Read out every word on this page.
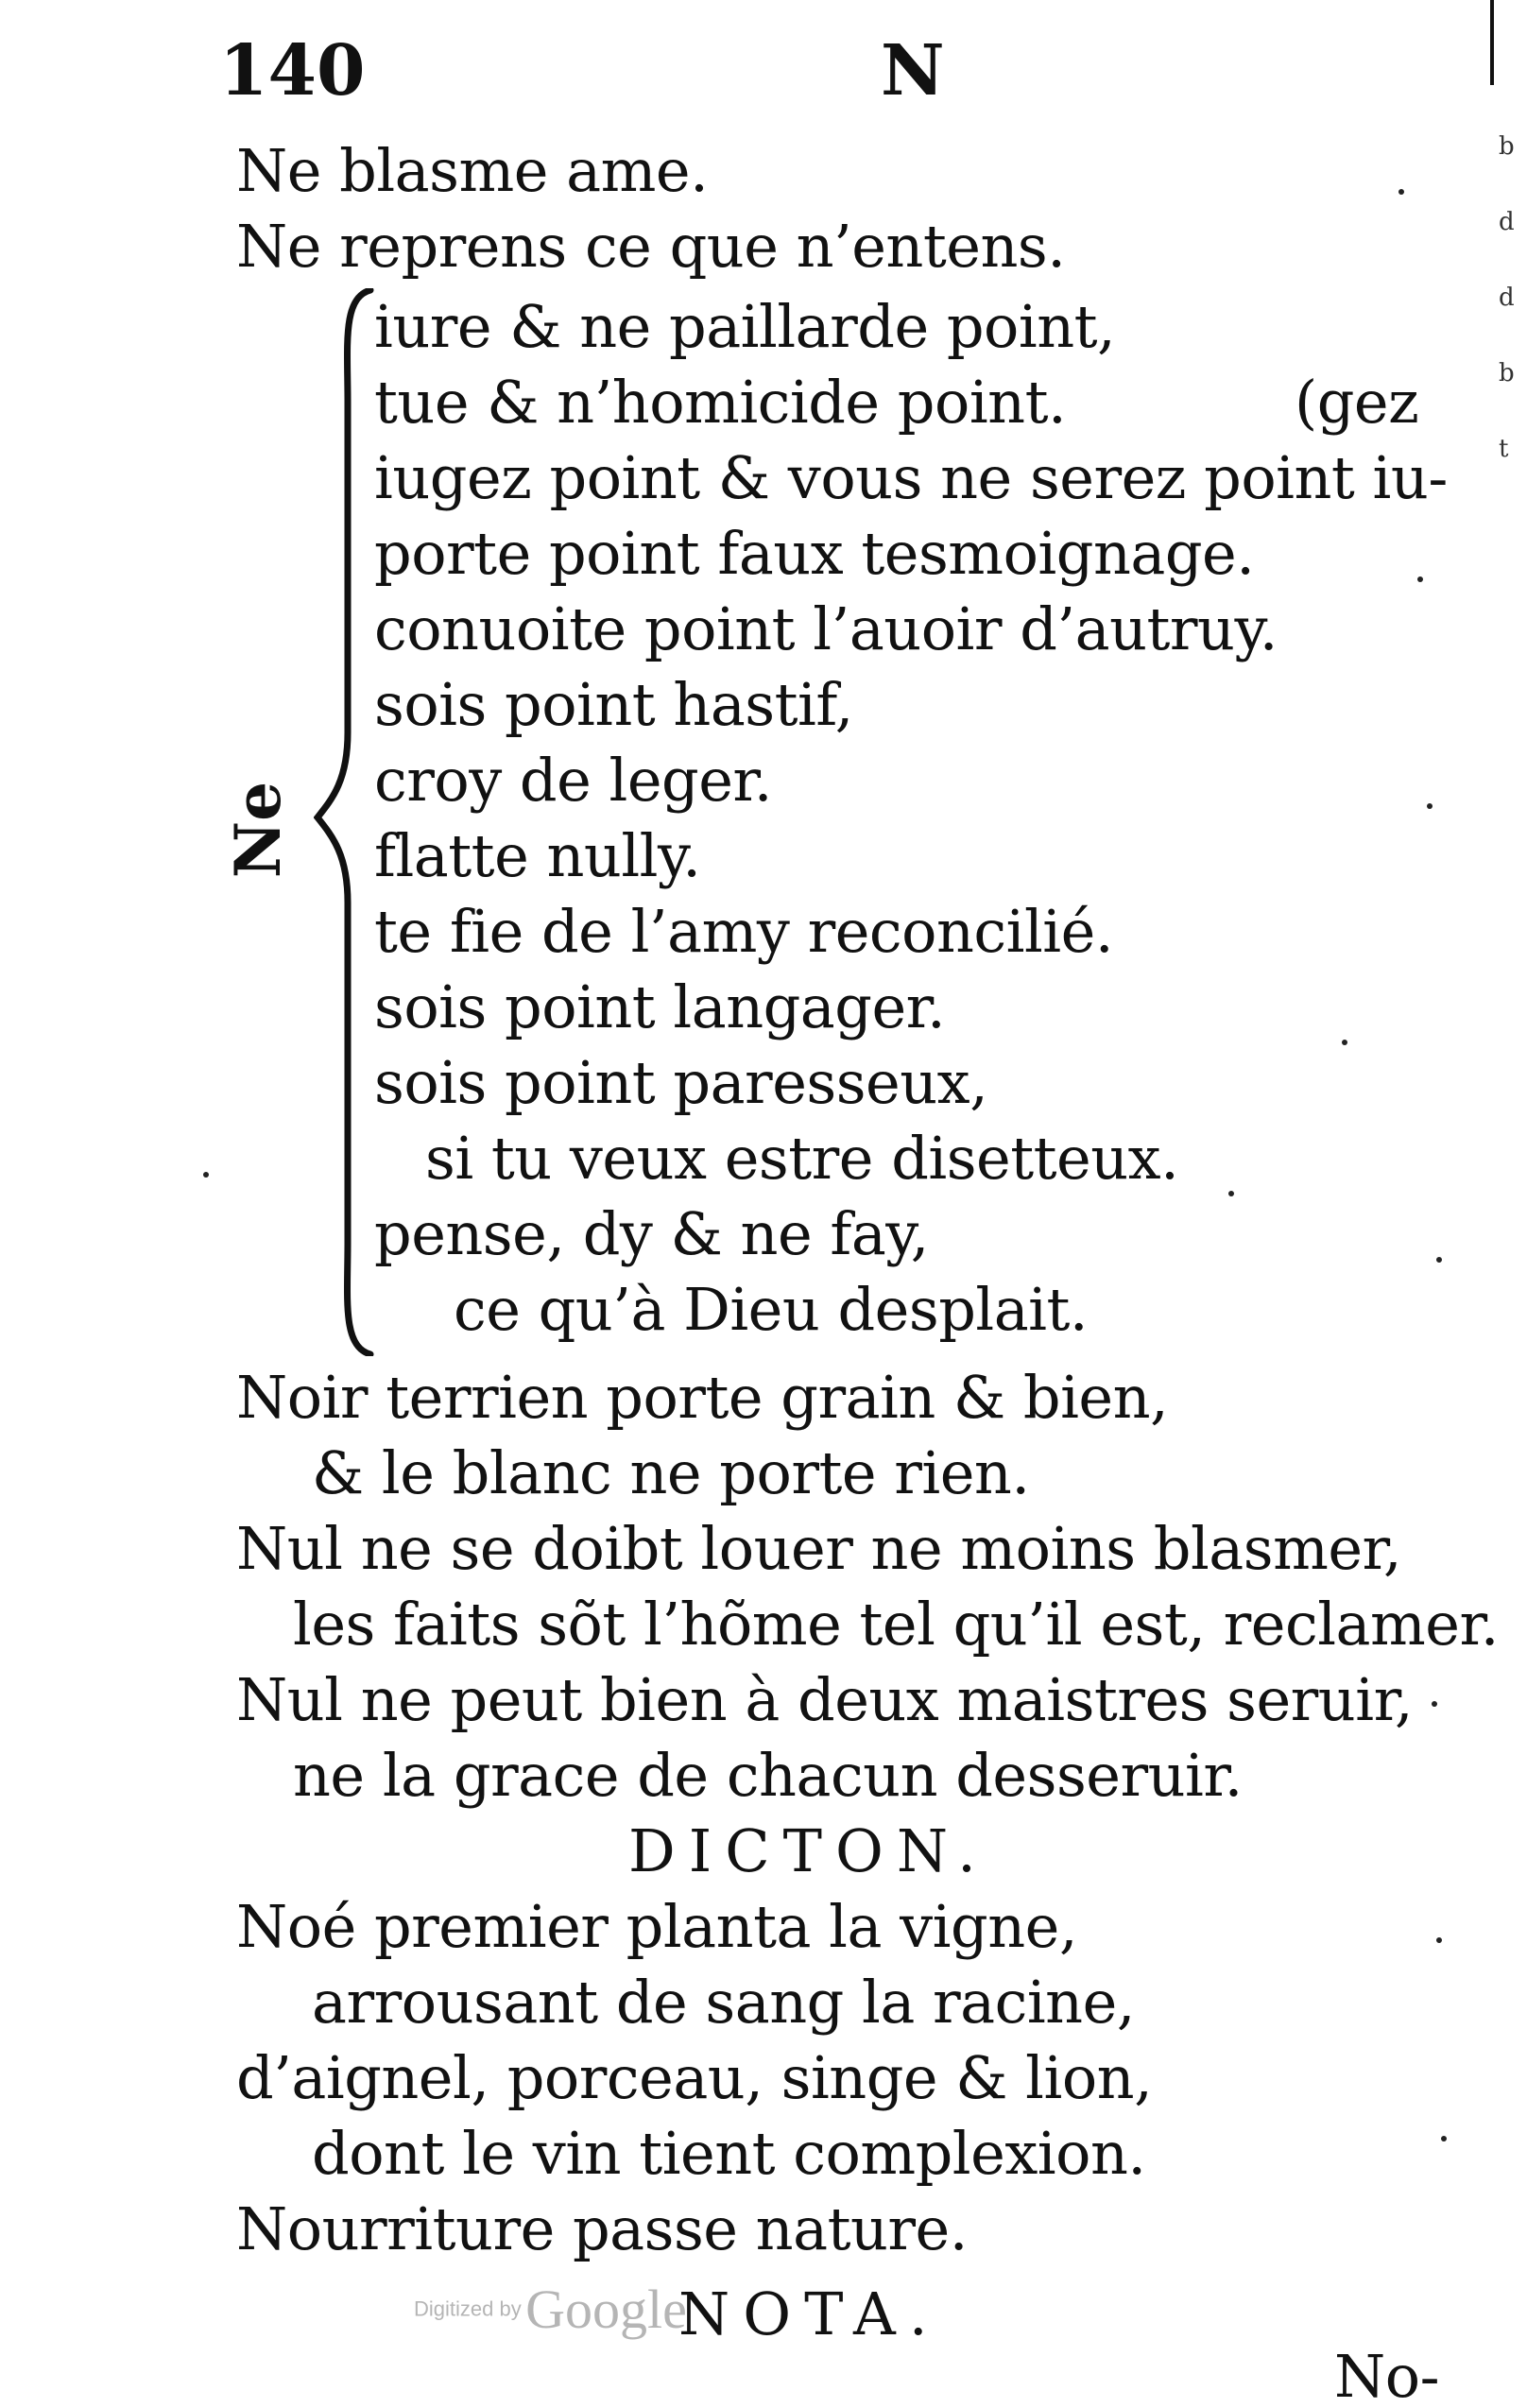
140	N
Ne blasme ame.
Ne reprens ce que n’entens.
Ne
iure & ne paillarde point,
tue & n’homicide point.	(gez
iugez point & vous ne serez point iu-
porte point faux tesmoignage.
conuoite point l’auoir d’autruy.
sois point hastif,
croy de leger.
flatte nully.
te fie de l’amy reconcilié.
sois point langager.
sois point paresseux,
si tu veux estre disetteux.
pense, dy & ne fay,
ce qu’à Dieu desplait.
Noir terrien porte grain & bien,
& le blanc ne porte rien.
Nul ne se doibt louer ne moins blasmer,
les faits sõt l’hõme tel qu’il est, reclamer.
Nul ne peut bien à deux maistres seruir,
ne la grace de chacun desseruir.
DICTON.
Noé premier planta la vigne,
arrousant de sang la racine,
d’aignel, porceau, singe & lion,
dont le vin tient complexion.
Nourriture passe nature.
NOTA.
No-
Digitized by Google
b
d
d
b
t
